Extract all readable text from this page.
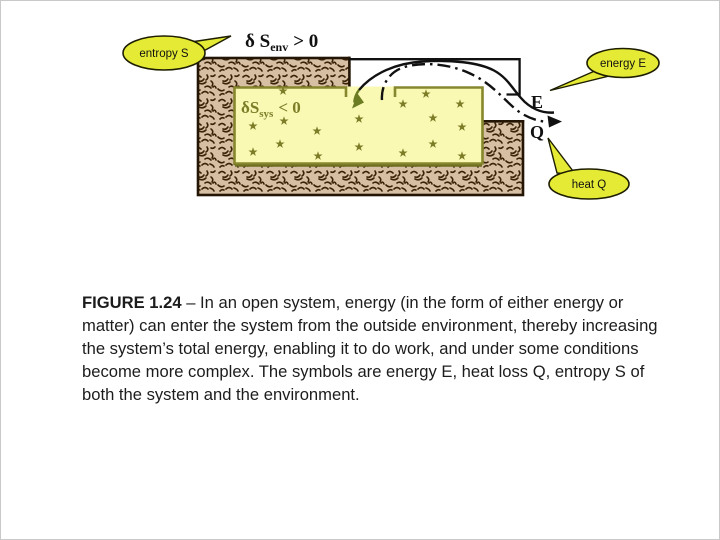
$\delta S_{sys} < 0$	E
Q
δ $S_{env} > 0$
entropy S
energy E
heat Q
FIGURE 1.24 – In an open system, energy (in the form of either energy or matter) can enter the system from the outside environment, thereby increasing the system’s total energy, enabling it to do work, and under some conditions become more complex. The symbols are energy E, heat loss Q, entropy S of both the system and the environment.
